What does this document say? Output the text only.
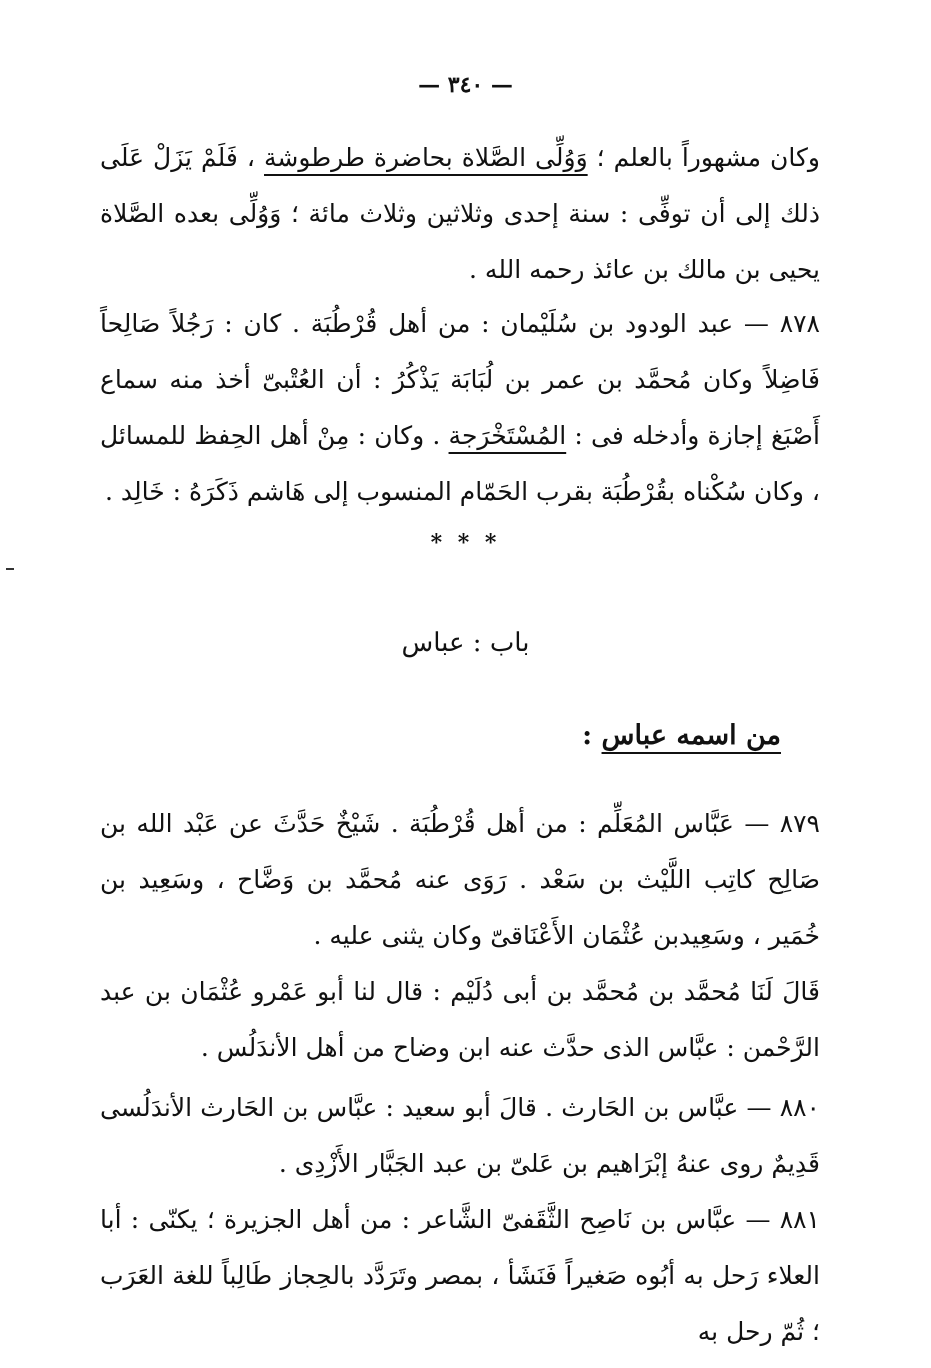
— ٣٤٠ —
وكان مشهوراً بالعلم ؛ وَوُلِّى الصَّلاة بحاضرة طرطوشة ، فَلَمْ يَزَلْ عَلَى ذلك إلى أن توفِّى : سنة إحدى وثلاثين وثلاث مائة ؛ وَوُلِّى بعده الصَّلاة يحيى بن مالك بن عائذ رحمه الله .
٨٧٨ — عبد الودود بن سُلَيْمان : من أهل قُرْطُبَة . كان : رَجُلاً صَالِحاً فَاضِلاً وكان مُحمَّد بن عمر بن لُبَابَة يَذْكُرُ : أن العُتْبىّ أخذ منه سماع أَصْبَغ إجازة وأدخله فى : المُسْتَخْرَجة . وكان : مِنْ أهل الحِفظ للمسائل ، وكان سُكْناه بقُرْطُبَة بقرب الحَمّام المنسوب إلى هَاشم ذَكَرَهُ : خَالِد .
* * *
باب : عباس
من اسمه عباس :
٨٧٩ — عَبَّاس المُعَلِّم : من أهل قُرْطُبَة . شَيْخٌ حَدَّثَ عن عَبْد الله بن صَالِح كاتِب اللَّيْث بن سَعْد . رَوَى عنه مُحمَّد بن وَضَّاح ، وسَعِيد بن خُمَير ، وسَعِيدبن عُثْمَان الأَعْنَاقىّ وكان يثنى عليه .
قَالَ لَنَا مُحمَّد بن مُحمَّد بن أبى دُلَيْم : قال لنا أبو عَمْرو عُثْمَان بن عبد الرَّحْمن : عبَّاس الذى حدَّث عنه ابن وضاح من أهل الأندَلُس .
٨٨٠ — عبَّاس بن الحَارث . قالَ أبو سعيد : عبَّاس بن الحَارث الأندَلُسى قَدِيمٌ روى عنهُ إبْرَاهيم بن عَلىّ بن عبد الجَبَّار الأَزْدِى .
٨٨١ — عبَّاس بن نَاصِح الثَّقَفىّ الشَّاعر : من أهل الجزيرة ؛ يكنّى : أبا العلاء رَحل به أبُوه صَغيراً فَنَشَأ ، بمصر وتَرَدَّد بالحِجاز طَالِباً للغة العَرَب ؛ ثُمّ رحل به
